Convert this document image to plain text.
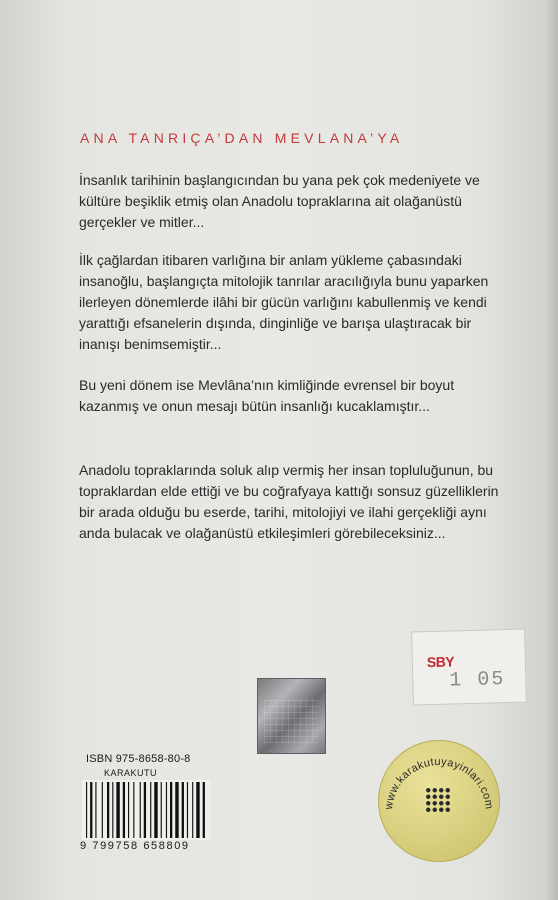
ANA TANRIÇA’DAN MEVLANA’YA

İnsanlık tarihinin başlangıcından bu yana pek çok medeniyete ve kültüre beşiklik etmiş olan Anadolu topraklarına ait olağanüstü gerçekler ve mitler...

İlk çağlardan itibaren varlığına bir anlam yükleme çabasındaki insanoğlu, başlangıçta mitolojik tanrılar aracılığıyla bunu yaparken ilerleyen dönemlerde ilâhi bir gücün varlığını kabullenmiş ve kendi yarattığı efsanelerin dışında, dinginliğe ve barışa ulaştıracak bir inanışı benimsemiştir...

Bu yeni dönem ise Mevlâna’nın kimliğinde evrensel bir boyut kazanmış ve onun mesajı bütün insanlığı kucaklamıştır...

Anadolu topraklarında soluk alıp vermiş her insan topluluğunun, bu topraklardan elde ettiği ve bu coğrafyaya kattığı sonsuz güzelliklerin bir arada olduğu bu eserde, tarihi, mitolojiyi ve ilahi gerçekliği aynı anda bulacak ve olağanüstü etkileşimleri görebileceksiniz...

SBY
1 05
ISBN 975-8658-80-8
KARAKUTU
9 799758 658809
www.karakutuyayinlari.com
